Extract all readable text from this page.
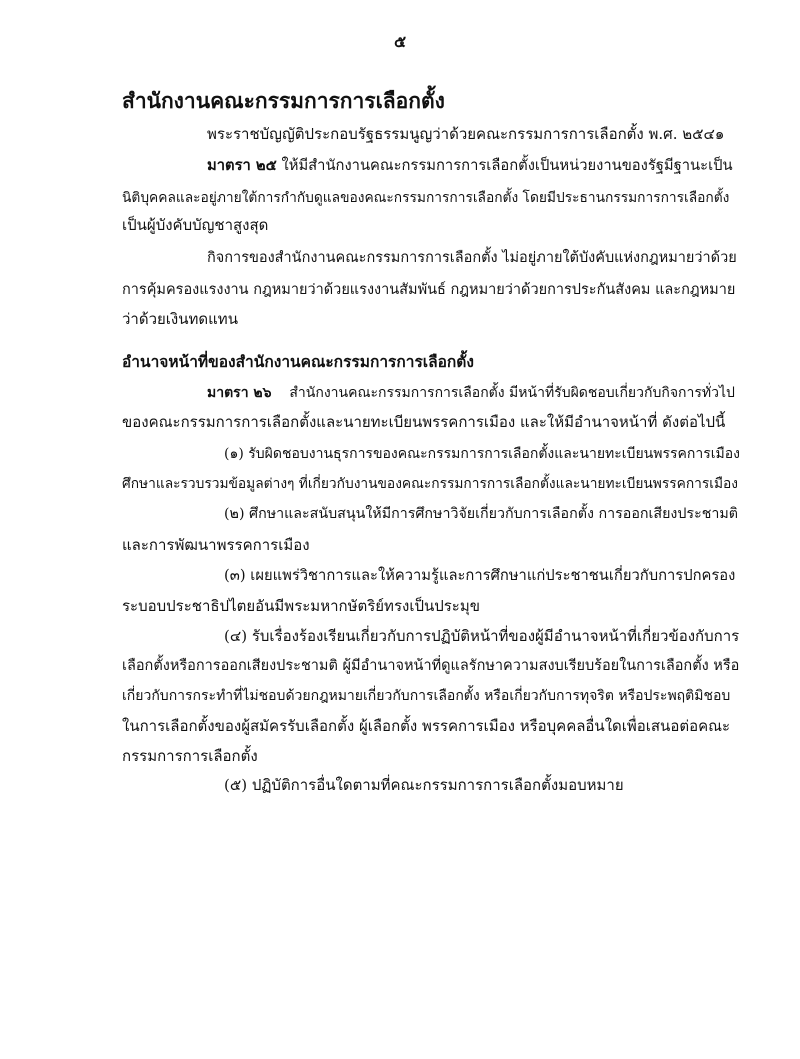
๕
สำนักงานคณะกรรมการการเลือกตั้ง
พระราชบัญญัติประกอบรัฐธรรมนูญว่าด้วยคณะกรรมการการเลือกตั้ง พ.ศ. ๒๕๔๑
มาตรา ๒๕ ให้มีสำนักงานคณะกรรมการการเลือกตั้งเป็นหน่วยงานของรัฐมีฐานะเป็น
นิติบุคคลและอยู่ภายใต้การกำกับดูแลของคณะกรรมการการเลือกตั้ง โดยมีประธานกรรมการการเลือกตั้ง
เป็นผู้บังคับบัญชาสูงสุด
กิจการของสำนักงานคณะกรรมการการเลือกตั้ง ไม่อยู่ภายใต้บังคับแห่งกฎหมายว่าด้วย
การคุ้มครองแรงงาน กฎหมายว่าด้วยแรงงานสัมพันธ์ กฎหมายว่าด้วยการประกันสังคม และกฎหมาย
ว่าด้วยเงินทดแทน
อำนาจหน้าที่ของสำนักงานคณะกรรมการการเลือกตั้ง
มาตรา ๒๖ สำนักงานคณะกรรมการการเลือกตั้ง มีหน้าที่รับผิดชอบเกี่ยวกับกิจการทั่วไป
ของคณะกรรมการการเลือกตั้งและนายทะเบียนพรรคการเมือง และให้มีอำนาจหน้าที่ ดังต่อไปนี้
(๑) รับผิดชอบงานธุรการของคณะกรรมการการเลือกตั้งและนายทะเบียนพรรคการเมือง
ศึกษาและรวบรวมข้อมูลต่างๆ ที่เกี่ยวกับงานของคณะกรรมการการเลือกตั้งและนายทะเบียนพรรคการเมือง
(๒) ศึกษาและสนับสนุนให้มีการศึกษาวิจัยเกี่ยวกับการเลือกตั้ง การออกเสียงประชามติ
และการพัฒนาพรรคการเมือง
(๓) เผยแพร่วิชาการและให้ความรู้และการศึกษาแก่ประชาชนเกี่ยวกับการปกครอง
ระบอบประชาธิปไตยอันมีพระมหากษัตริย์ทรงเป็นประมุข
(๔) รับเรื่องร้องเรียนเกี่ยวกับการปฏิบัติหน้าที่ของผู้มีอำนาจหน้าที่เกี่ยวข้องกับการ
เลือกตั้งหรือการออกเสียงประชามติ ผู้มีอำนาจหน้าที่ดูแลรักษาความสงบเรียบร้อยในการเลือกตั้ง หรือ
เกี่ยวกับการกระทำที่ไม่ชอบด้วยกฎหมายเกี่ยวกับการเลือกตั้ง หรือเกี่ยวกับการทุจริต หรือประพฤติมิชอบ
ในการเลือกตั้งของผู้สมัครรับเลือกตั้ง ผู้เลือกตั้ง พรรคการเมือง หรือบุคคลอื่นใดเพื่อเสนอต่อคณะ
กรรมการการเลือกตั้ง
(๕) ปฏิบัติการอื่นใดตามที่คณะกรรมการการเลือกตั้งมอบหมาย
